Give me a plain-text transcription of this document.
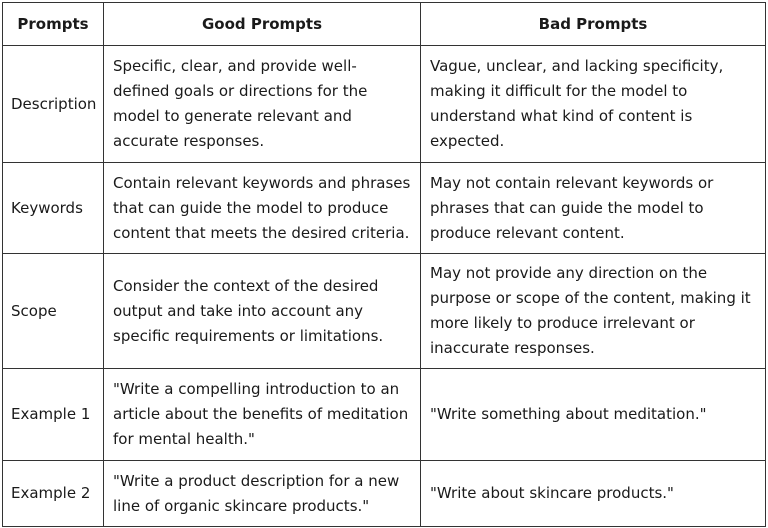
Prompts	Good Prompts	Bad Prompts
Description	Specific, clear, and provide well-defined goals or directions for the model to generate relevant and accurate responses.	Vague, unclear, and lacking specificity, making it difficult for the model to understand what kind of content is expected.
Keywords	Contain relevant keywords and phrases that can guide the model to produce content that meets the desired criteria.	May not contain relevant keywords or phrases that can guide the model to produce relevant content.
Scope	Consider the context of the desired output and take into account any specific requirements or limitations.	May not provide any direction on the purpose or scope of the content, making it more likely to produce irrelevant or inaccurate responses.
Example 1	"Write a compelling introduction to an article about the benefits of meditation for mental health."	"Write something about meditation."
Example 2	"Write a product description for a new line of organic skincare products."	"Write about skincare products."
